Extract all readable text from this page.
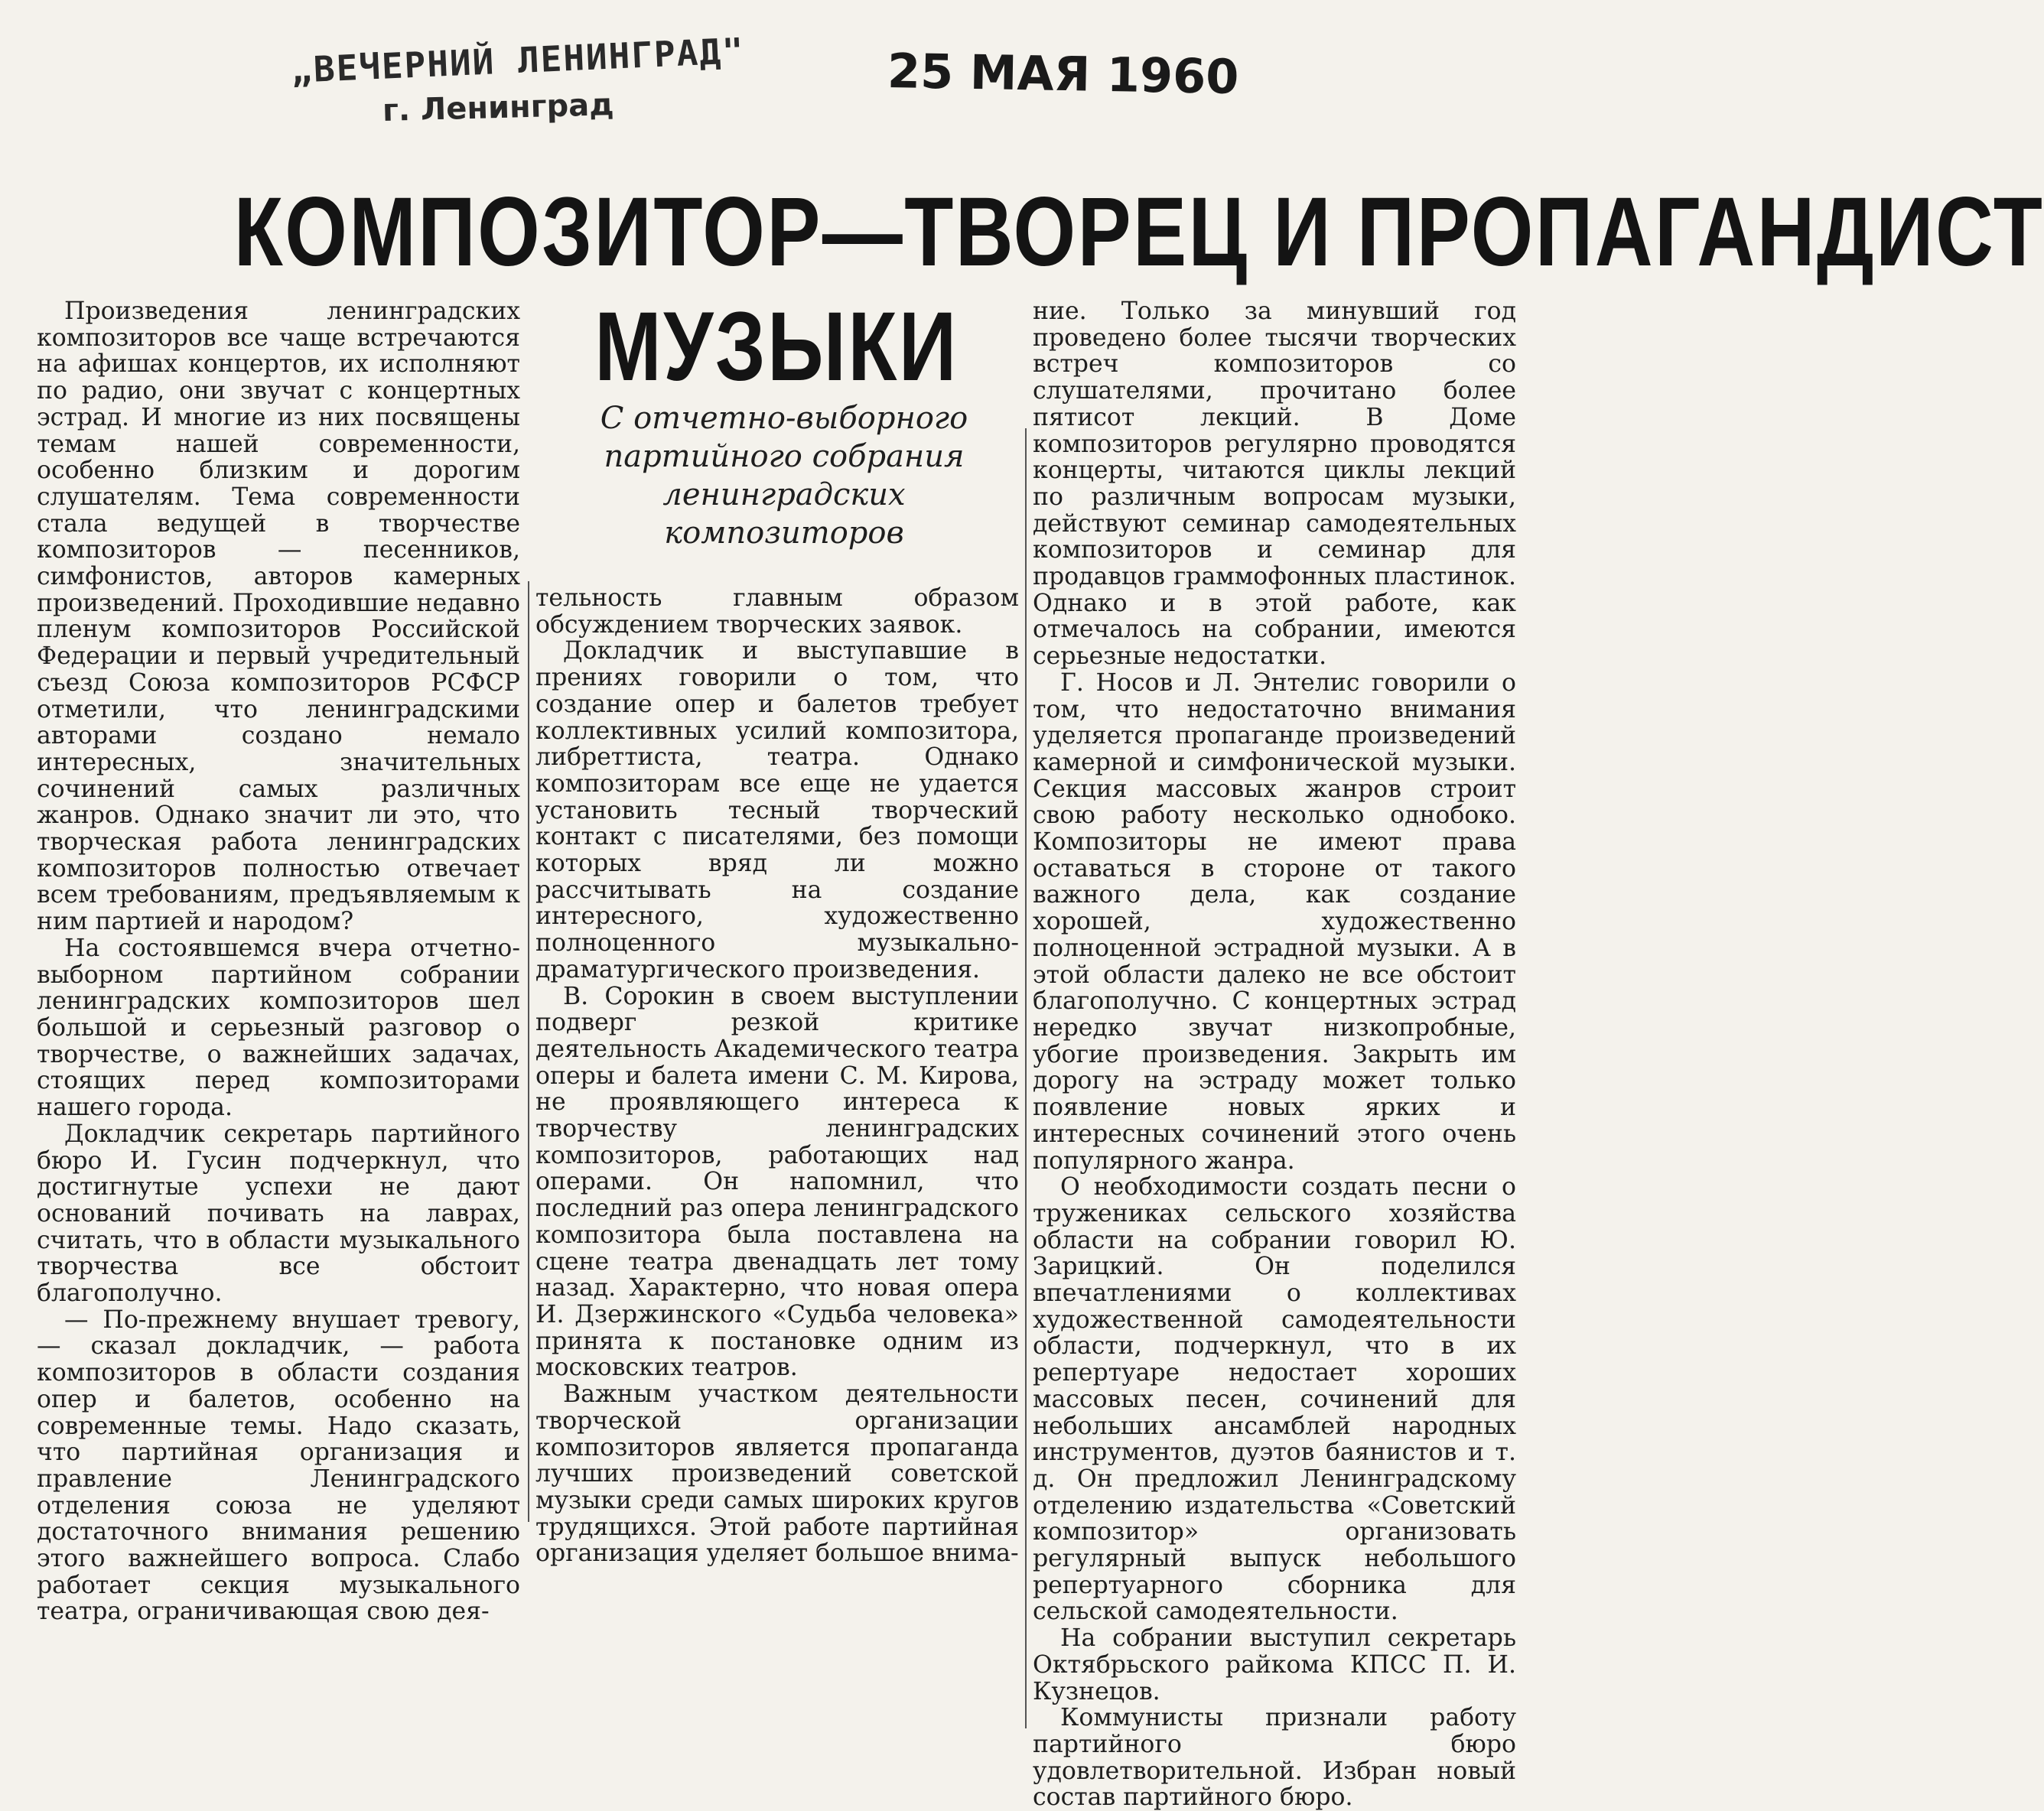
„ВЕЧЕРНИЙ ЛЕНИНГРАД"
г. Ленинград
25 МАЯ 1960
КОМПОЗИТОР—ТВОРЕЦ И ПРОПАГАНДИСТ
МУЗЫКИ
С отчетно-выборного партийного собрания ленинградских композиторов

Произведения ленинградских композиторов все чаще встречаются на афишах концертов, их исполняют по радио, они звучат с концертных эстрад. И многие из них посвящены темам нашей современности, особенно близким и дорогим слушателям. Тема современности стала ведущей в творчестве композиторов — песенников, симфонистов, авторов камерных произведений. Проходившие недавно пленум композиторов Российской Федерации и первый учредительный съезд Союза композиторов РСФСР отметили, что ленинградскими авторами создано немало интересных, значительных сочинений самых различных жанров. Однако значит ли это, что творческая работа ленинградских композиторов полностью отвечает всем требованиям, предъявляемым к ним партией и народом?

На состоявшемся вчера отчетно-выборном партийном собрании ленинградских композиторов шел большой и серьезный разговор о творчестве, о важнейших задачах, стоящих перед композиторами нашего города.

Докладчик секретарь партийного бюро И. Гусин подчеркнул, что достигнутые успехи не дают оснований почивать на лаврах, считать, что в области музыкального творчества все обстоит благополучно.

— По-прежнему внушает тревогу, — сказал докладчик, — работа композиторов в области создания опер и балетов, особенно на современные темы. Надо сказать, что партийная организация и правление Ленинградского отделения союза не уделяют достаточного внимания решению этого важнейшего вопроса. Слабо работает секция музыкального театра, ограничивающая свою дея-

тельность главным образом обсуждением творческих заявок.

Докладчик и выступавшие в прениях говорили о том, что создание опер и балетов требует коллективных усилий композитора, либреттиста, театра. Однако композиторам все еще не удается установить тесный творческий контакт с писателями, без помощи которых вряд ли можно рассчитывать на создание интересного, художественно полноценного музыкально-драматургического произведения.

В. Сорокин в своем выступлении подверг резкой критике деятельность Академического театра оперы и балета имени С. М. Кирова, не проявляющего интереса к творчеству ленинградских композиторов, работающих над операми. Он напомнил, что последний раз опера ленинградского композитора была поставлена на сцене театра двенадцать лет тому назад. Характерно, что новая опера И. Дзержинского «Судьба человека» принята к постановке одним из московских театров.

Важным участком деятельности творческой организации композиторов является пропаганда лучших произведений советской музыки среди самых широких кругов трудящихся. Этой работе партийная организация уделяет большое внима-

ние. Только за минувший год проведено более тысячи творческих встреч композиторов со слушателями, прочитано более пятисот лекций. В Доме композиторов регулярно проводятся концерты, читаются циклы лекций по различным вопросам музыки, действуют семинар самодеятельных композиторов и семинар для продавцов граммофонных пластинок. Однако и в этой работе, как отмечалось на собрании, имеются серьезные недостатки.

Г. Носов и Л. Энтелис говорили о том, что недостаточно внимания уделяется пропаганде произведений камерной и симфонической музыки. Секция массовых жанров строит свою работу несколько однобоко. Композиторы не имеют права оставаться в стороне от такого важного дела, как создание хорошей, художественно полноценной эстрадной музыки. А в этой области далеко не все обстоит благополучно. С концертных эстрад нередко звучат низкопробные, убогие произведения. Закрыть им дорогу на эстраду может только появление новых ярких и интересных сочинений этого очень популярного жанра.

О необходимости создать песни о тружениках сельского хозяйства области на собрании говорил Ю. Зарицкий. Он поделился впечатлениями о коллективах художественной самодеятельности области, подчеркнул, что в их репертуаре недостает хороших массовых песен, сочинений для небольших ансамблей народных инструментов, дуэтов баянистов и т. д. Он предложил Ленинградскому отделению издательства «Советский композитор» организовать регулярный выпуск небольшого репертуарного сборника для сельской самодеятельности.

На собрании выступил секретарь Октябрьского райкома КПСС П. И. Кузнецов.

Коммунисты признали работу партийного бюро удовлетворительной. Избран новый состав партийного бюро.
